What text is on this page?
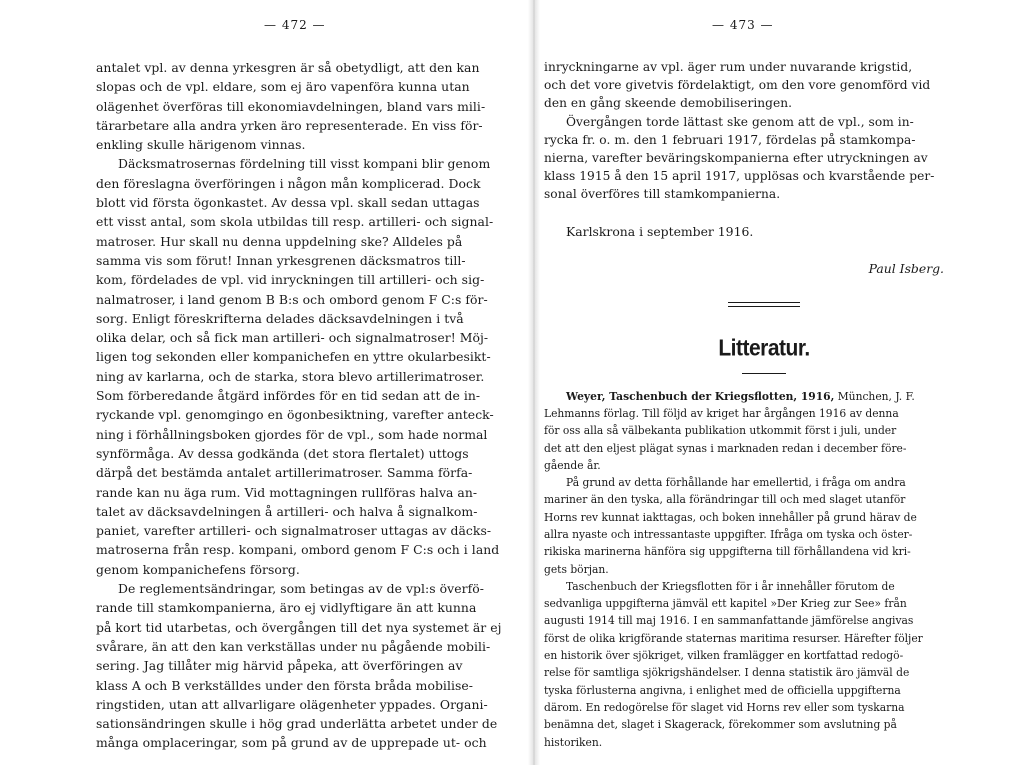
— 472 —
antalet vpl. av denna yrkesgren är så obetydligt, att den kan
slopas och de vpl. eldare, som ej äro vapenföra kunna utan
olägenhet överföras till ekonomiavdelningen, bland vars mili-
tärarbetare alla andra yrken äro representerade. En viss för-
enkling skulle härigenom vinnas.
Däcksmatrosernas fördelning till visst kompani blir genom
den föreslagna överföringen i någon mån komplicerad. Dock
blott vid första ögonkastet. Av dessa vpl. skall sedan uttagas
ett visst antal, som skola utbildas till resp. artilleri- och signal-
matroser. Hur skall nu denna uppdelning ske? Alldeles på
samma vis som förut! Innan yrkesgrenen däcksmatros till-
kom, fördelades de vpl. vid inryckningen till artilleri- och sig-
nalmatroser, i land genom B B:s och ombord genom F C:s för-
sorg. Enligt föreskrifterna delades däcksavdelningen i två
olika delar, och så fick man artilleri- och signalmatroser! Möj-
ligen tog sekonden eller kompanichefen en yttre okularbesikt-
ning av karlarna, och de starka, stora blevo artillerimatroser.
Som förberedande åtgärd infördes för en tid sedan att de in-
ryckande vpl. genomgingo en ögonbesiktning, varefter anteck-
ning i förhållningsboken gjordes för de vpl., som hade normal
synförmåga. Av dessa godkända (det stora flertalet) uttogs
därpå det bestämda antalet artillerimatroser. Samma förfa-
rande kan nu äga rum. Vid mottagningen rullföras halva an-
talet av däcksavdelningen å artilleri- och halva å signalkom-
paniet, varefter artilleri- och signalmatroser uttagas av däcks-
matroserna från resp. kompani, ombord genom F C:s och i land
genom kompanichefens försorg.
De reglementsändringar, som betingas av de vpl:s överfö-
rande till stamkompanierna, äro ej vidlyftigare än att kunna
på kort tid utarbetas, och övergången till det nya systemet är ej
svårare, än att den kan verkställas under nu pågående mobili-
sering. Jag tillåter mig härvid påpeka, att överföringen av
klass A och B verkställdes under den första bråda mobilise-
ringstiden, utan att allvarligare olägenheter yppades. Organi-
sationsändringen skulle i hög grad underlätta arbetet under de
många omplaceringar, som på grund av de upprepade ut- och
— 473 —
inryckningarne av vpl. äger rum under nuvarande krigstid,
och det vore givetvis fördelaktigt, om den vore genomförd vid
den en gång skeende demobiliseringen.
Övergången torde lättast ske genom att de vpl., som in-
rycka fr. o. m. den 1 februari 1917, fördelas på stamkompa-
nierna, varefter beväringskompanierna efter utryckningen av
klass 1915 å den 15 april 1917, upplösas och kvarstående per-
sonal överföres till stamkompanierna.
Karlskrona i september 1916.
Paul Isberg.
Litteratur.
Weyer, Taschenbuch der Kriegsflotten, 1916, München, J. F.
Lehmanns förlag. Till följd av kriget har årgången 1916 av denna
för oss alla så välbekanta publikation utkommit först i juli, under
det att den eljest plägat synas i marknaden redan i december före-
gående år.
På grund av detta förhållande har emellertid, i fråga om andra
mariner än den tyska, alla förändringar till och med slaget utanför
Horns rev kunnat iakttagas, och boken innehåller på grund härav de
allra nyaste och intressantaste uppgifter. Ifråga om tyska och öster-
rikiska marinerna hänföra sig uppgifterna till förhållandena vid kri-
gets början.
Taschenbuch der Kriegsflotten för i år innehåller förutom de
sedvanliga uppgifterna jämväl ett kapitel »Der Krieg zur See» från
augusti 1914 till maj 1916. I en sammanfattande jämförelse angivas
först de olika krigförande staternas maritima resurser. Härefter följer
en historik över sjökriget, vilken framlägger en kortfattad redogö-
relse för samtliga sjökrigshändelser. I denna statistik äro jämväl de
tyska förlusterna angivna, i enlighet med de officiella uppgifterna
därom. En redogörelse för slaget vid Horns rev eller som tyskarna
benämna det, slaget i Skagerack, förekommer som avslutning på
historiken.
